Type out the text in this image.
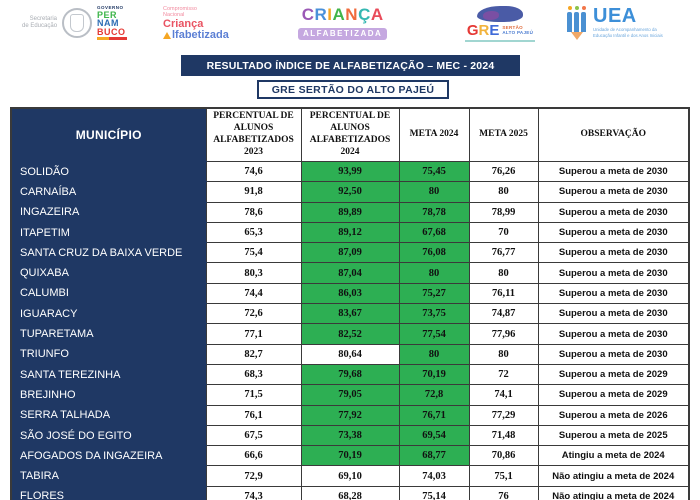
Secretaria
de Educação
GOVERNO
PER
NAM
BUCO
Compromisso
Nacional
Criança
lfabetizada
CRIANÇA
ALFABETIZADA	GRE SERTÃO
ALTO PAJEÚ
UEA
Unidade de Acompanhamento da Educação Infantil e dos Anos Iniciais
RESULTADO ÍNDICE DE ALFABETIZAÇÃO – MEC - 2024
GRE SERTÃO DO ALTO PAJEÚ
MUNICÍPIO	PERCENTUAL DE ALUNOS ALFABETIZADOS 2023	PERCENTUAL DE ALUNOS ALFABETIZADOS 2024	META 2024	META 2025	OBSERVAÇÃO
SOLIDÃO	74,6	93,99	75,45	76,26	Superou a meta de 2030
CARNAÍBA	91,8	92,50	80	80	Superou a meta de 2030
INGAZEIRA	78,6	89,89	78,78	78,99	Superou a meta de 2030
ITAPETIM	65,3	89,12	67,68	70	Superou a meta de 2030
SANTA CRUZ DA BAIXA VERDE	75,4	87,09	76,08	76,77	Superou a meta de 2030
QUIXABA	80,3	87,04	80	80	Superou a meta de 2030
CALUMBI	74,4	86,03	75,27	76,11	Superou a meta de 2030
IGUARACY	72,6	83,67	73,75	74,87	Superou a meta de 2030
TUPARETAMA	77,1	82,52	77,54	77,96	Superou a meta de 2030
TRIUNFO	82,7	80,64	80	80	Superou a meta de 2030
SANTA TEREZINHA	68,3	79,68	70,19	72	Superou a meta de 2029
BREJINHO	71,5	79,05	72,8	74,1	Superou a meta de 2029
SERRA TALHADA	76,1	77,92	76,71	77,29	Superou a meta de 2026
SÃO JOSÉ DO EGITO	67,5	73,38	69,54	71,48	Superou a meta de 2025
AFOGADOS DA INGAZEIRA	66,6	70,19	68,77	70,86	Atingiu a meta de 2024
TABIRA	72,9	69,10	74,03	75,1	Não atingiu a meta de 2024
FLORES	74,3	68,28	75,14	76	Não atingiu a meta de 2024
